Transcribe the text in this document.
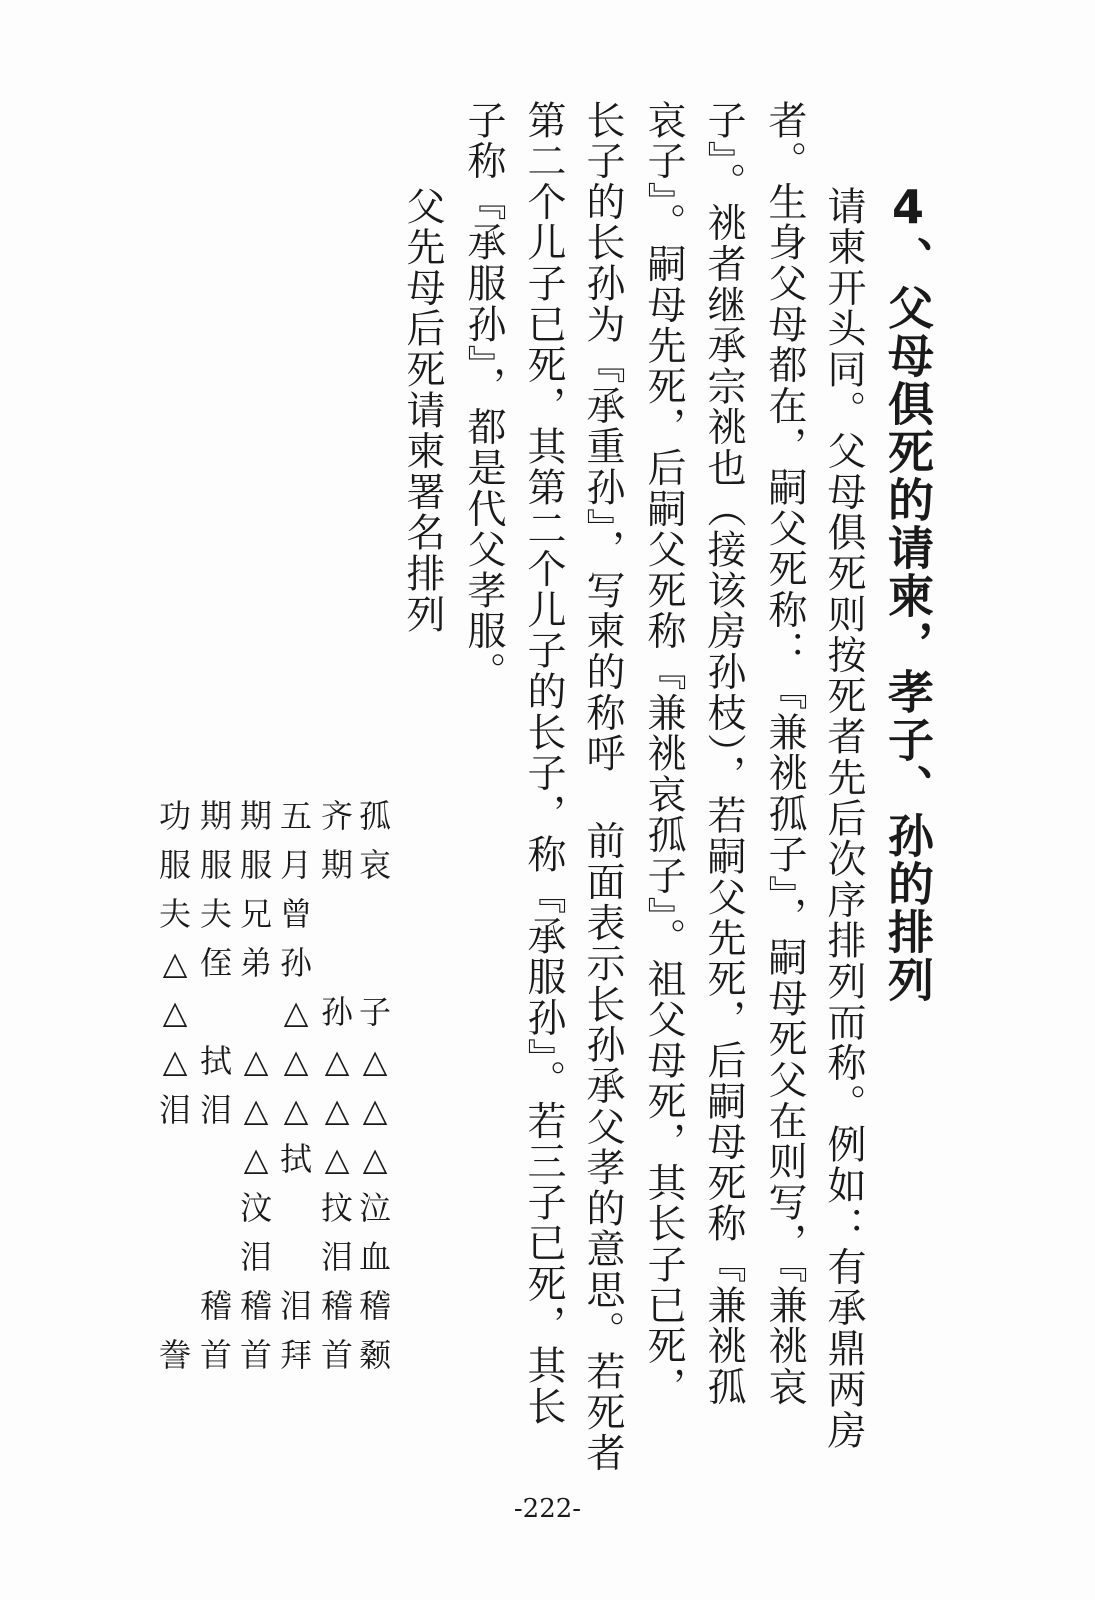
4、父母俱死的请柬，孝子、孙的排列
请柬开头同。父母俱死则按死者先后次序排列而称。例如：有承鼎两房
者。生身父母都在，嗣父死称：『兼祧孤子』，嗣母死父在则写，『兼祧哀
子』。祧者继承宗祧也（接该房孙枝），若嗣父先死，后嗣母死称『兼祧孤
哀子』。嗣母先死，后嗣父死称『兼祧哀孤子』。祖父母死，其长子已死，
长子的长孙为『承重孙』，写柬的称呼 前面表示长孙承父孝的意思。若死者
第二个儿子已死，其第二个儿子的长子，称『承服孙』。若三子已死，其长
子称『承服孙』，都是代父孝服。
父先母后死请柬署名排列
孤
哀
子
△
△
△
泣
血
稽
颡
齐
期
孙
△
△
△
抆
泪
稽
首
五
月
曾
孙
△
△
△
拭
泪
拜
期
服
兄
弟
△
△
△
汶
泪
稽
首
期
服
夫
侄
拭
泪
稽
首
功
服
夫
△
△
△
泪
誊
-222-
